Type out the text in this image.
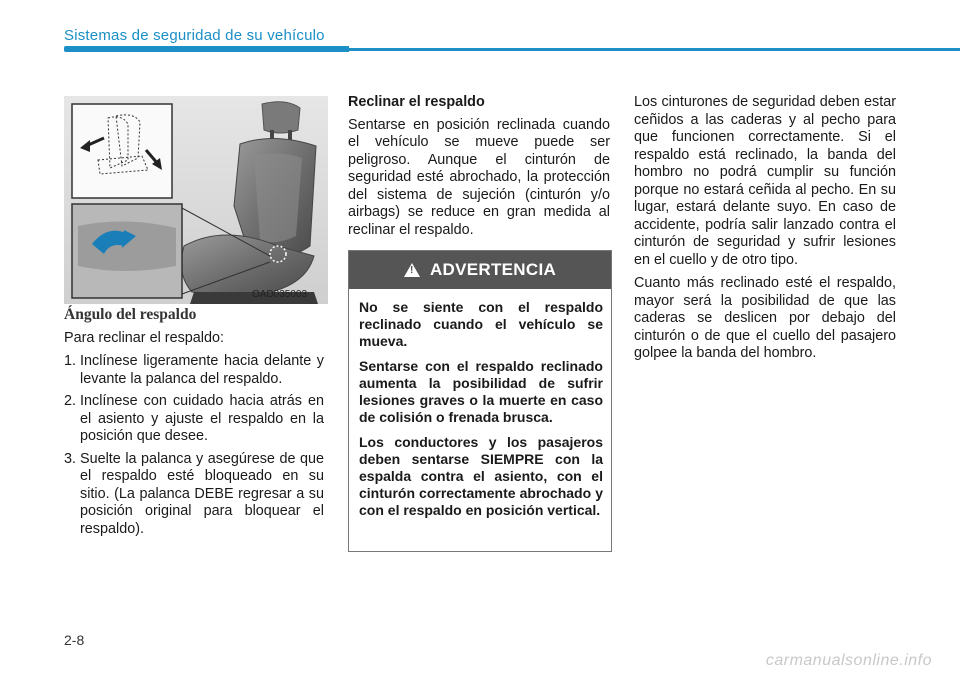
Sistemas de seguridad de su vehículo
OAD035003
Ángulo del respaldo

Para reclinar el respaldo:

1. Inclínese ligeramente hacia delante y levante la palanca del respaldo.
2. Inclínese con cuidado hacia atrás en el asiento y ajuste el respaldo en la posición que desee.
3. Suelte la palanca y asegúrese de que el respaldo esté bloqueado en su sitio. (La palanca DEBE regresar a su posición original para bloquear el respaldo).
Reclinar el respaldo

Sentarse en posición reclinada cuando el vehículo se mueve puede ser peligroso. Aunque el cinturón de seguridad esté abrochado, la protección del sistema de sujeción (cinturón y/o airbags) se reduce en gran medida al reclinar el respaldo.

! ADVERTENCIA

No se siente con el respaldo reclinado cuando el vehículo se mueva.

Sentarse con el respaldo reclinado aumenta la posibilidad de sufrir lesiones graves o la muerte en caso de colisión o frenada brusca.

Los conductores y los pasajeros deben sentarse SIEMPRE con la espalda contra el asiento, con el cinturón correctamente abrochado y con el respaldo en posición vertical.

Los cinturones de seguridad deben estar ceñidos a las caderas y al pecho para que funcionen correctamente. Si el respaldo está reclinado, la banda del hombro no podrá cumplir su función porque no estará ceñida al pecho. En su lugar, estará delante suyo. En caso de accidente, podría salir lanzado contra el cinturón de seguridad y sufrir lesiones en el cuello y de otro tipo.

Cuanto más reclinado esté el respaldo, mayor será la posibilidad de que las caderas se deslicen por debajo del cinturón o de que el cuello del pasajero golpee la banda del hombro.

2-8
carmanualsonline.info
